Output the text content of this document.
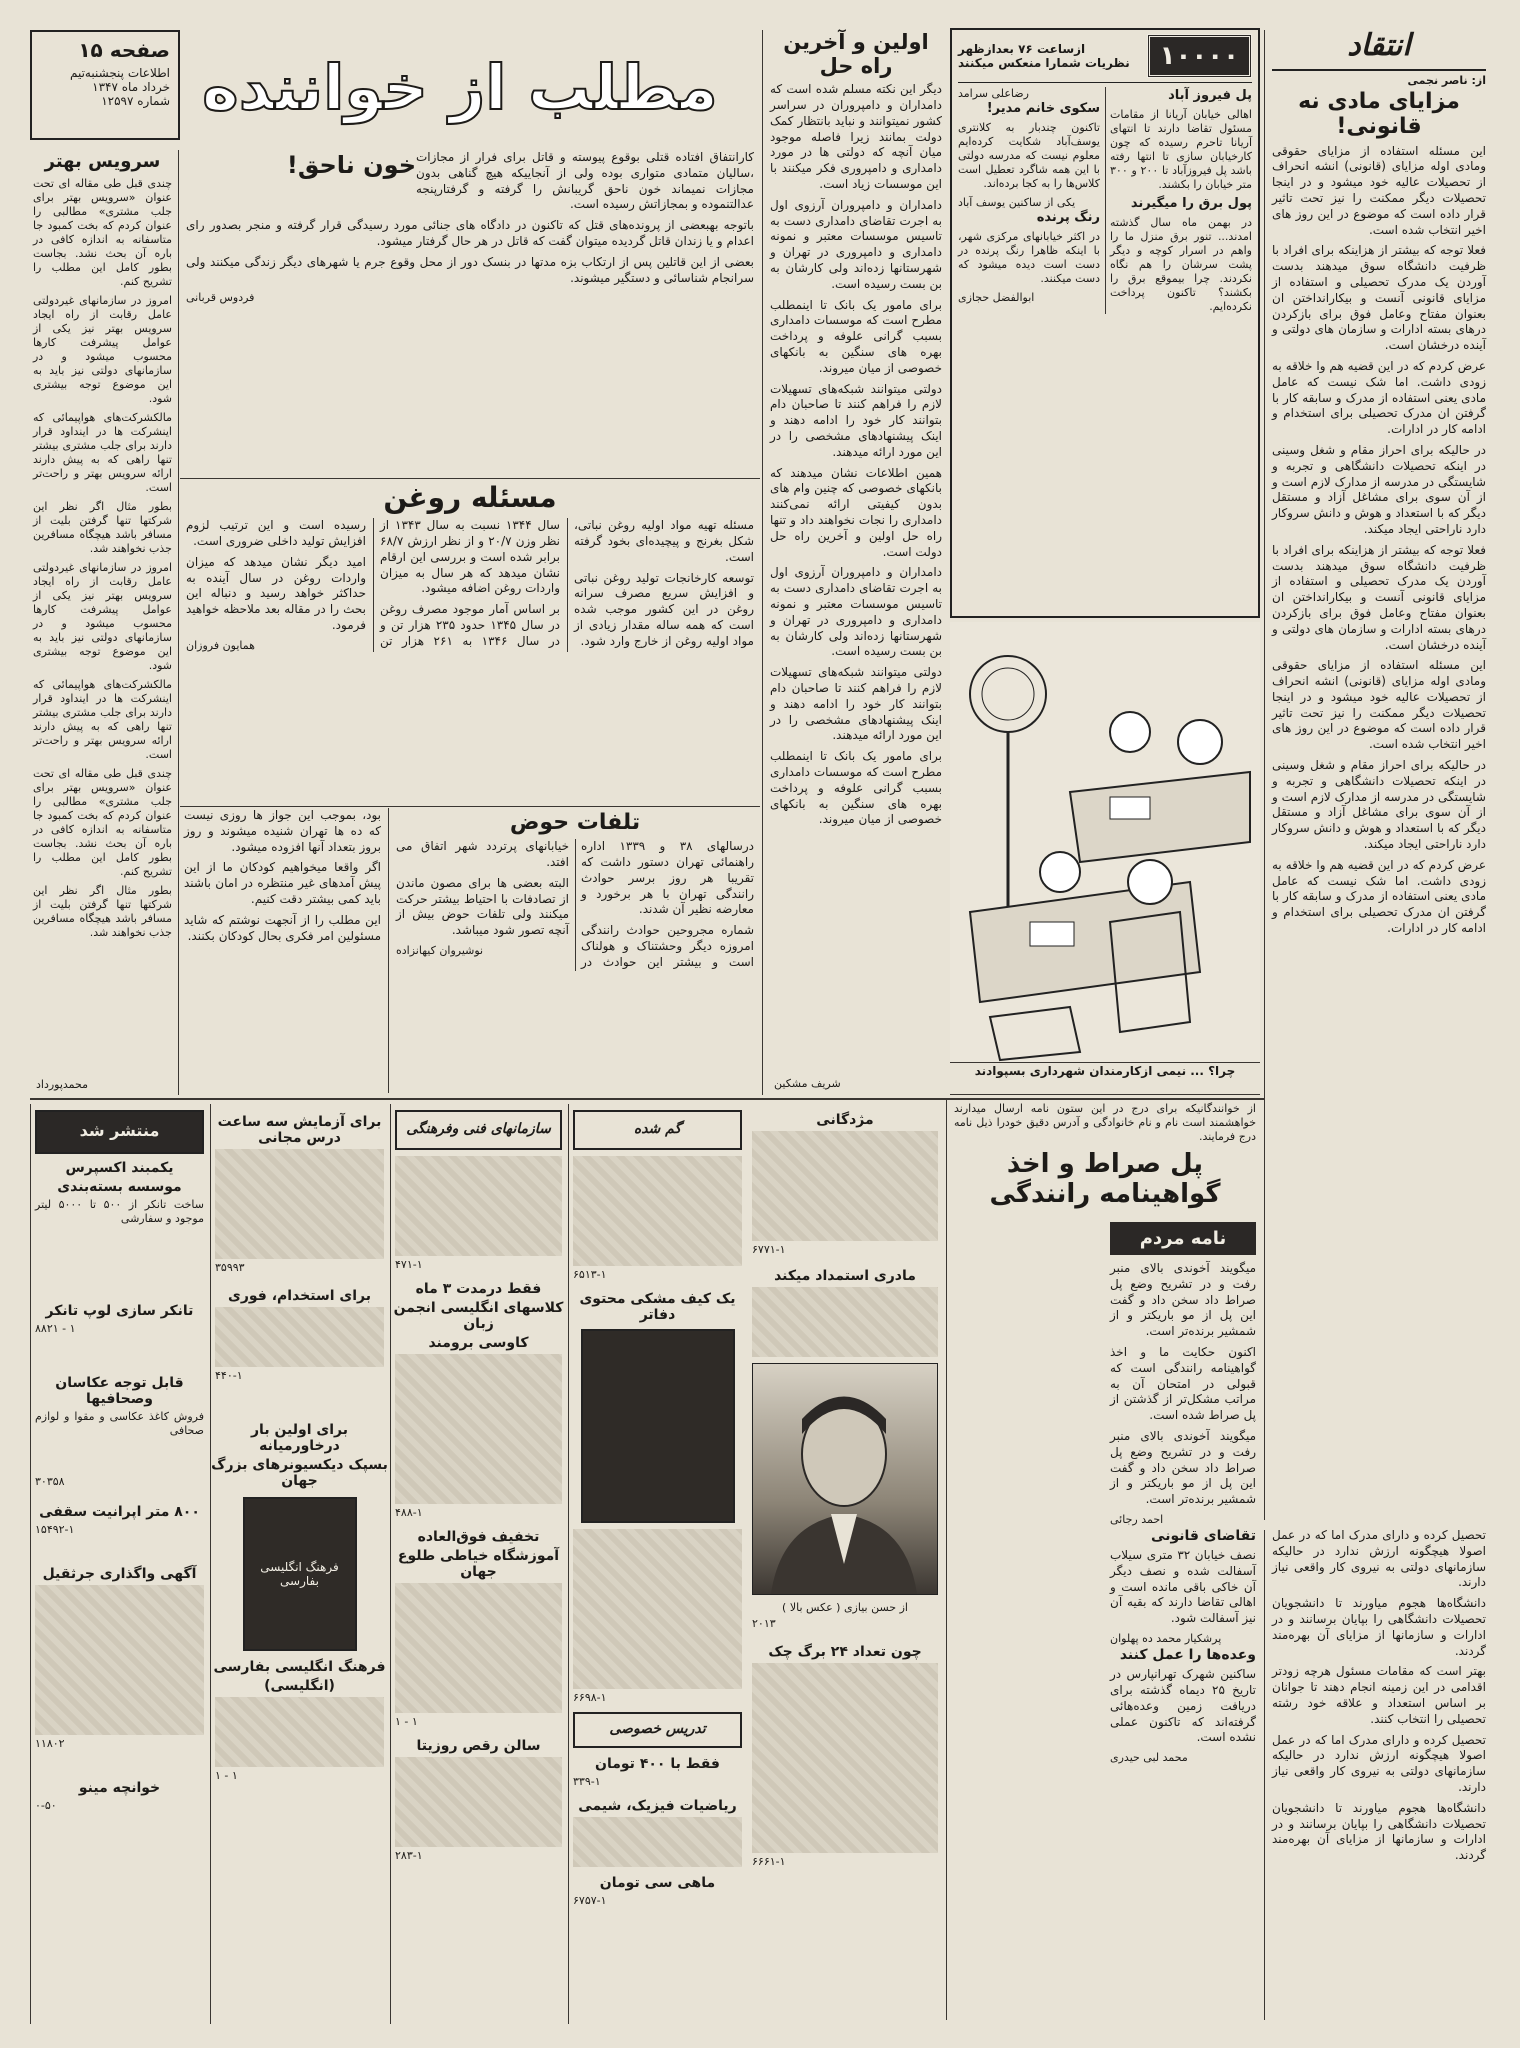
صفحه ۱۵
اطلاعات پنجشنبه‌تیم
خرداد ماه ۱۳۴۷
شماره ۱۲۵۹۷ مطلب از خواننده
خون ناحق! کارانتفاق افتاده قتلی بوقوع پیوسته و قاتل برای فرار از مجازات ،سالیان متمادی متواری بوده ولی از آنجاییکه هیچ گناهی بدون مجازات نمیماند خون ناحق گریبانش را گرفته و گرفتارپنجه عدالتنموده و بمجازاتش رسیده است.

باتوجه بهبعضی از پرونده‌های قتل که تاکنون در دادگاه های جنائی مورد رسیدگی قرار گرفته و منجر بصدور رای اعدام و یا زندان قاتل گردیده میتوان گفت که قاتل در هر حال گرفتار میشود.

بعضی از این قاتلین پس از ارتکاب بزه مدتها در بنسک دور از محل وقوع جرم یا شهرهای دیگر زندگی میکنند ولی سرانجام شناسائی و دستگیر میشوند.

فردوس قربانی
سرویس بهتر

چندی قبل طی مقاله ای تحت عنوان «سرویس بهتر برای جلب مشتری» مطالبی را عنوان کردم که بخت کمبود جا متاسفانه به اندازه کافی در باره آن بحث نشد. بجاست بطور کامل این مطلب را تشریح کنم.

امروز در سازمانهای غیردولتی عامل رقابت از راه ایجاد سرویس بهتر نیز یکی از عوامل پیشرفت کارها محسوب میشود و در سازمانهای دولتی نیز باید به این موضوع توجه بیشتری شود.

مالکشرکت‌های هواپیمائی که اینشرکت ها در اینداود قرار دارند برای جلب مشتری بیشتر تنها راهی که به پیش دارند ارائه سرویس بهتر و راحت‌تر است.

بطور مثال اگر نظر این شرکتها تنها گرفتن بلیت از مسافر باشد هیچگاه مسافرین جذب نخواهند شد.

امروز در سازمانهای غیردولتی عامل رقابت از راه ایجاد سرویس بهتر نیز یکی از عوامل پیشرفت کارها محسوب میشود و در سازمانهای دولتی نیز باید به این موضوع توجه بیشتری شود.

مالکشرکت‌های هواپیمائی که اینشرکت ها در اینداود قرار دارند برای جلب مشتری بیشتر تنها راهی که به پیش دارند ارائه سرویس بهتر و راحت‌تر است.

چندی قبل طی مقاله ای تحت عنوان «سرویس بهتر برای جلب مشتری» مطالبی را عنوان کردم که بخت کمبود جا متاسفانه به اندازه کافی در باره آن بحث نشد. بجاست بطور کامل این مطلب را تشریح کنم.

بطور مثال اگر نظر این شرکتها تنها گرفتن بلیت از مسافر باشد هیچگاه مسافرین جذب نخواهند شد.

محمدپورداد
مسئله روغن

مسئله تهیه مواد اولیه روغن نباتی، شکل بغرنج و پیچیده‌ای بخود گرفته است.

توسعه کارخانجات تولید روغن نباتی و افزایش سریع مصرف سرانه روغن در این کشور موجب شده است که همه ساله مقدار زیادی از مواد اولیه روغن از خارج وارد شود.

سال ۱۳۴۴ نسبت به سال ۱۳۴۳ از نظر وزن ۲۰/۷ و از نظر ارزش ۶۸/۷ برابر شده است و بررسی این ارقام نشان میدهد که هر سال به میزان واردات روغن اضافه میشود.

بر اساس آمار موجود مصرف روغن در سال ۱۳۴۵ حدود ۲۳۵ هزار تن و در سال ۱۳۴۶ به ۲۶۱ هزار تن رسیده است و این ترتیب لزوم افزایش تولید داخلی ضروری است.

امید دیگر نشان میدهد که میزان واردات روغن در سال آینده به حداکثر خواهد رسید و دنباله این بحث را در مقاله بعد ملاحظه خواهید فرمود.

همایون فروزان
تلفات حوض

درسالهای ۳۸ و ۱۳۳۹ اداره راهنمائی تهران دستور داشت که تقریبا هر روز برسر حوادث رانندگی تهران با هر برخورد و معارضه نظیر آن شدند.

شماره مجروحین حوادث رانندگی امروزه دیگر وحشتناک و هولناک است و بیشتر این حوادث در خیابانهای پرتردد شهر اتفاق می افتد.

البته بعضی ها برای مصون ماندن از تصادفات با احتیاط بیشتر حرکت میکنند ولی تلفات حوض بیش از آنچه تصور شود میباشد.

نوشیروان کیهانزاده

بود، بموجب این جواز ها روزی نیست که ده ها تهران شنیده میشوند و روز بروز بتعداد آنها افزوده میشود.

اگر واقعا میخواهیم کودکان ما از این پیش آمدهای غیر منتظره در امان باشند باید کمی بیشتر دقت کنیم.

این مطلب را از آنجهت نوشتم که شاید مسئولین امر فکری بحال کودکان بکنند.

اولین و آخرین راه حل

دیگر این نکته مسلم شده است که دامداران و دامپروران در سراسر کشور نمیتوانند و نباید بانتظار کمک دولت بمانند زیرا فاصله موجود میان آنچه که دولتی ها در مورد دامداری و دامپروری فکر میکنند با این موسسات زیاد است.

دامداران و دامپروران آرزوی اول به اجرت تقاضای دامداری دست به تاسیس موسسات معتبر و نمونه دامداری و دامپروری در تهران و شهرستانها زده‌اند ولی کارشان به بن بست رسیده است.

برای مامور یک بانک تا اینمطلب مطرح است که موسسات دامداری بسبب گرانی علوفه و پرداخت بهره های سنگین به بانکهای خصوصی از میان میروند.

دولتی میتوانند شبکه‌های تسهیلات لازم را فراهم کنند تا صاحبان دام بتوانند کار خود را ادامه دهند و اینک پیشنهادهای مشخصی را در این مورد ارائه میدهند.

همین اطلاعات نشان میدهند که بانکهای خصوصی که چنین وام های بدون کیفیتی ارائه نمی‌کنند دامداری را نجات نخواهند داد و تنها راه حل اولین و آخرین راه حل دولت است.

دامداران و دامپروران آرزوی اول به اجرت تقاضای دامداری دست به تاسیس موسسات معتبر و نمونه دامداری و دامپروری در تهران و شهرستانها زده‌اند ولی کارشان به بن بست رسیده است.

دولتی میتوانند شبکه‌های تسهیلات لازم را فراهم کنند تا صاحبان دام بتوانند کار خود را ادامه دهند و اینک پیشنهادهای مشخصی را در این مورد ارائه میدهند.

برای مامور یک بانک تا اینمطلب مطرح است که موسسات دامداری بسبب گرانی علوفه و پرداخت بهره های سنگین به بانکهای خصوصی از میان میروند.

شریف مشکین
۱۰۰۰۰
ازساعت ۷۶ بعدازظهر
نظریات شمارا منعکس میکنند
پل فیروز آباد

اهالی خیابان آریانا از مقامات مسئول تقاضا دارند تا انتهای آریانا تاحرم رسیده که چون کارخیابان سازی تا انتها رفته باشد پل فیروزآباد تا ۲۰۰ و ۳۰۰ متر خیابان را بکشند.

پول برق را میگیرند

در بهمن ماه سال گذشته امدند... تنور برق منزل ما را واهم در اسرار کوچه و دیگر پشت سرشان را هم نگاه نکردند. چرا بیموقع برق را بکشند؟ تاکنون پرداخت نکرده‌ایم.

رضاعلی سرامد
سکوی خانم مدیر!

تاکنون چندبار به کلانتری یوسف‌آباد شکایت کرده‌ایم معلوم نیست که مدرسه دولتی با این همه شاگرد تعطیل است کلاس‌ها را به کجا برده‌اند.

یکی از ساکنین یوسف آباد
رنگ پرنده

در اکثر خیابانهای مرکزی شهر، با اینکه ظاهرا رنگ پرنده در دست است دیده میشود که دست میکنند.

ابوالفضل حجازی
چرا؟ ... نیمی ازکارمندان شهرداری بسپوادند
انتقاد
از: ناصر نجمی
مزایای مادی نه قانونی!

این مسئله استفاده از مزایای حقوقی ومادی اوله مزایای (قانونی) انشه انحراف از تحصیلات عالیه خود میشود و در اینجا تحصیلات دیگر ممکنت را نیز تحت تاثیر قرار داده است که موضوع در این روز های اخیر انتخاب شده است.

فعلا توجه که بیشتر از هزاینکه برای افراد با ظرفیت دانشگاه سوق میدهند بدست آوردن یک مدرک تحصیلی و استفاده از مزایای قانونی آنست و بیکارانداختن ان بعنوان مفتاح وعامل فوق برای بازکردن درهای بسته ادارات و سازمان های دولتی و آینده درخشان است.

عرض کردم که در این قضیه هم وا خلاقه به زودی داشت. اما شک نیست که عامل مادی یعنی استفاده از مدرک و سابقه کار با گرفتن ان مدرک تحصیلی برای استخدام و ادامه کار در ادارات.

در حالیکه برای احراز مقام و شغل وسینی در اینکه تحصیلات دانشگاهی و تجربه و شایستگی در مدرسه از مدارک لازم است و از آن سوی برای مشاغل آزاد و مستقل دیگر که با استعداد و هوش و دانش سروکار دارد ناراحتی ایجاد میکند.

فعلا توجه که بیشتر از هزاینکه برای افراد با ظرفیت دانشگاه سوق میدهند بدست آوردن یک مدرک تحصیلی و استفاده از مزایای قانونی آنست و بیکارانداختن ان بعنوان مفتاح وعامل فوق برای بازکردن درهای بسته ادارات و سازمان های دولتی و آینده درخشان است.

این مسئله استفاده از مزایای حقوقی ومادی اوله مزایای (قانونی) انشه انحراف از تحصیلات عالیه خود میشود و در اینجا تحصیلات دیگر ممکنت را نیز تحت تاثیر قرار داده است که موضوع در این روز های اخیر انتخاب شده است.

در حالیکه برای احراز مقام و شغل وسینی در اینکه تحصیلات دانشگاهی و تجربه و شایستگی در مدرسه از مدارک لازم است و از آن سوی برای مشاغل آزاد و مستقل دیگر که با استعداد و هوش و دانش سروکار دارد ناراحتی ایجاد میکند.

عرض کردم که در این قضیه هم وا خلاقه به زودی داشت. اما شک نیست که عامل مادی یعنی استفاده از مدرک و سابقه کار با گرفتن ان مدرک تحصیلی برای استخدام و ادامه کار در ادارات.

از خوانندگانیکه برای درج در این ستون نامه ارسال میدارند خواهشمند است نام و نام خانوادگی و آدرس دقیق خودرا ذیل نامه درج فرمایند.
پل صراط و اخذ گواهینامه رانندگی
نامه مردم

میگویند آخوندی بالای منبر رفت و در تشریح وضع پل صراط داد سخن داد و گفت این پل از مو باریکتر و از شمشیر برنده‌تر است.

اکنون حکایت ما و اخذ گواهینامه رانندگی است که قبولی در امتحان آن به مراتب مشکل‌تر از گذشتن از پل صراط شده است.

میگویند آخوندی بالای منبر رفت و در تشریح وضع پل صراط داد سخن داد و گفت این پل از مو باریکتر و از شمشیر برنده‌تر است.

احمد رجائی
تقاضای قانونی

نصف خیابان ۳۲ متری سیلاب آسفالت شده و نصف دیگر آن خاکی باقی مانده است و اهالی تقاضا دارند که بقیه آن نیز آسفالت شود.

پرشکیار محمد ده پهلوان
وعده‌ها را عمل کنند

ساکنین شهرک تهرانپارس در تاریخ ۲۵ دیماه گذشته برای دریافت زمین وعده‌هائی گرفته‌اند که تاکنون عملی نشده است.

محمد لبی حیدری

تحصیل کرده و دارای مدرک اما که در عمل اصولا هیچگونه ارزش ندارد در حالیکه سازمانهای دولتی به نیروی کار واقعی نیاز دارند.

دانشگاه‌ها هجوم میاورند تا دانشجویان تحصیلات دانشگاهی را بپایان برسانند و در ادارات و سازمانها از مزایای آن بهره‌مند گردند.

بهتر است که مقامات مسئول هرچه زودتر اقدامی در این زمینه انجام دهند تا جوانان بر اساس استعداد و علاقه خود رشته تحصیلی را انتخاب کنند.

تحصیل کرده و دارای مدرک اما که در عمل اصولا هیچگونه ارزش ندارد در حالیکه سازمانهای دولتی به نیروی کار واقعی نیاز دارند.

دانشگاه‌ها هجوم میاورند تا دانشجویان تحصیلات دانشگاهی را بپایان برسانند و در ادارات و سازمانها از مزایای آن بهره‌مند گردند.

منتشر شد
یکمبند اکسپرس
موسسه بسته‌بندی

ساخت تانکر از ۵۰۰ تا ۵۰۰۰ لیتر موجود و سفارشی

تانکر سازی لوپ تانکر
۱ - ۸۸۲۱
قابل توجه عکاسان وصحافیها

فروش کاغذ عکاسی و مقوا و لوازم صحافی

۳۰۳۵۸
۸۰۰ متر اپرانیت سقفی
۱۵۴۹۲-۱
آگهی واگذاری جرثقیل

۱۱۸۰۲
خوانچه مینو
۰-۵۰
برای آزمایش سه ساعت درس مجانی

۳۵۹۹۳
برای استخدام، فوری

۴۴۰-۱
برای اولین بار درخاورمیانه
بسپک دیکسیونرهای بزرگ جهان
فرهنگ انگلیسی بفارسی
فرهنگ انگلیسی بفارسی
(انگلیسی)

۱ - ۱
سازمانهای فنی وفرهنگی

۴۷۱-۱
فقط درمدت ۳ ماه
کلاسهای انگلیسی انجمن زبان
کاوسی برومند

۴۸۸-۱
تخفیف فوق‌العاده
آموزشگاه خیاطی طلوع جهان

۱ - ۱
سالن رقص روزیتا

۲۸۳-۱
گم شده

۶۵۱۳-۱
یک کیف مشکی محتوی دفاتر

۶۶۹۸-۱
تدریس خصوصی
فقط با ۴۰۰ تومان
۳۳۹-۱
ریاضیات فیزیک، شیمی

ماهی سی تومان
۶۷۵۷-۱
مژدگانی

۶۷۷۱-۱
مادری استمداد میکند

از حسن بیازی ( عکس بالا )
۲۰۱۳
چون تعداد ۲۴ برگ چک

۶۶۶۱-۱
